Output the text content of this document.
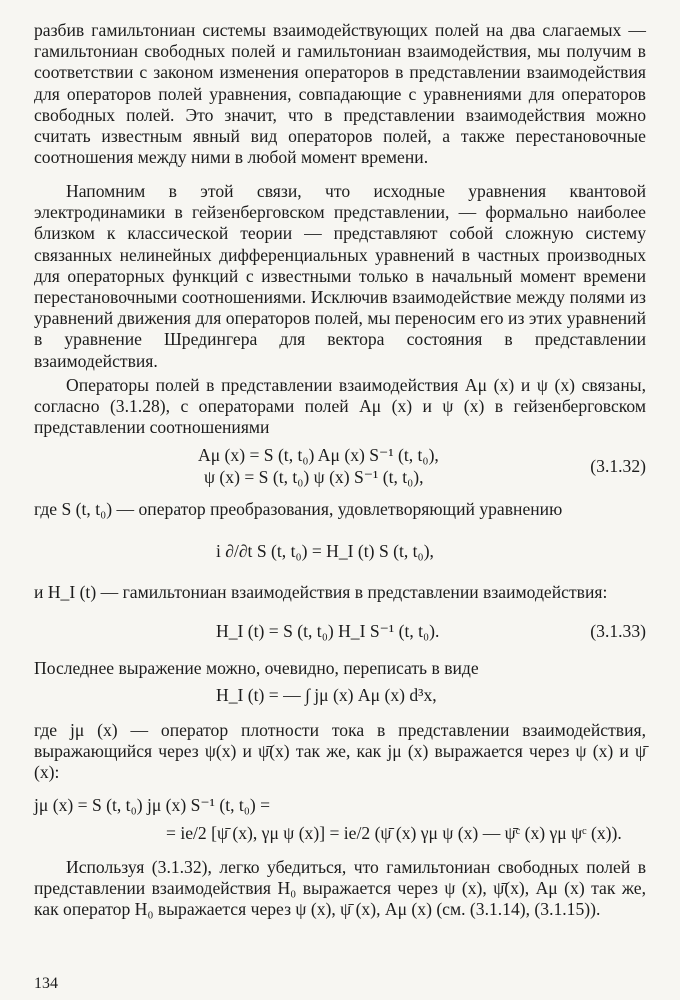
разбив гамильтониан системы взаимодействующих полей на два слагаемых — гамильтониан свободных полей и гамильтониан взаимодействия, мы получим в соответствии с законом изменения операторов в представлении взаимодействия для операторов полей уравнения, совпадающие с уравнениями для операторов свободных полей. Это значит, что в представлении взаимодействия можно считать известным явный вид операторов полей, а также перестановочные соотношения между ними в любой момент времени.

Напомним в этой связи, что исходные уравнения квантовой электродинамики в гейзенберговском представлении, — формально наиболее близком к классической теории — представляют собой сложную систему связанных нелинейных дифференциальных уравнений в частных производных для операторных функций с известными только в начальный момент времени перестановочными соотношениями. Исключив взаимодействие между полями из уравнений движения для операторов полей, мы переносим его из этих уравнений в уравнение Шредингера для вектора состояния в представлении взаимодействия.

Операторы полей в представлении взаимодействия Aμ (x) и ψ (x) связаны, согласно (3.1.28), с операторами полей Aμ (x) и ψ (x) в гейзенберговском представлении соотношениями

Aμ (x) = S (t, t₀) Aμ (x) S⁻¹ (t, t₀),
ψ (x) = S (t, t₀) ψ (x) S⁻¹ (t, t₀),
(3.1.32)

где S (t, t₀) — оператор преобразования, удовлетворяющий уравнению

i ∂/∂t S (t, t₀) = H_I (t) S (t, t₀),

и H_I (t) — гамильтониан взаимодействия в представлении взаимодействия:

H_I (t) = S (t, t₀) H_I S⁻¹ (t, t₀).	(3.1.33)

Последнее выражение можно, очевидно, переписать в виде

H_I (t) = — ∫ jμ (x) Aμ (x) d³x,

где jμ (x) — оператор плотности тока в представлении взаимодействия, выражающийся через ψ(x) и ψ̄(x) так же, как jμ (x) выражается через ψ (x) и ψ̄ (x):

jμ (x) = S (t, t₀) jμ (x) S⁻¹ (t, t₀) =
= ie/2 [ψ̄ (x), γμ ψ (x)] = ie/2 (ψ̄ (x) γμ ψ (x) — ψ̄ᶜ (x) γμ ψᶜ (x)).

Используя (3.1.32), легко убедиться, что гамильтониан свободных полей в представлении взаимодействия H₀ выражается через ψ (x), ψ̄(x), Aμ (x) так же, как оператор H₀ выражается через ψ (x), ψ̄ (x), Aμ (x) (см. (3.1.14), (3.1.15)).

134
